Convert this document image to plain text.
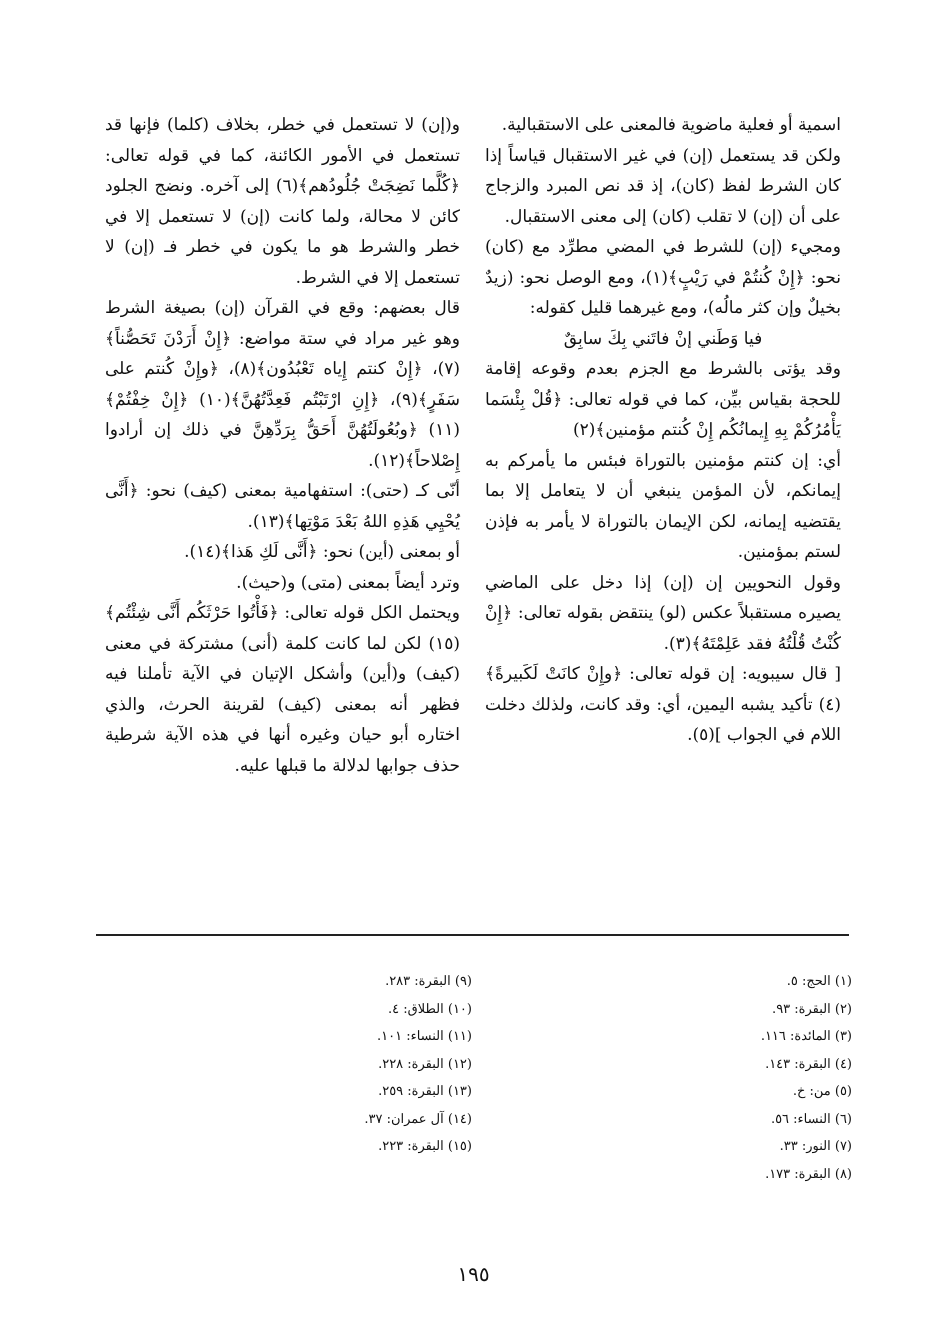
اسمية أو فعلية ماضوية فالمعنى على الاستقبالية.

ولكن قد يستعمل (إن) في غير الاستقبال قياساً إذا كان الشرط لفظ (كان)، إذ قد نص المبرد والزجاج على أن (إن) لا تقلب (كان) إلى معنى الاستقبال.

ومجيء (إن) للشرط في المضي مطرِّد مع (كان) نحو: ﴿إِنْ كُنتُمْ في رَيْبٍ﴾(١)، ومع الوصل نحو: (زيدٌ بخيلٌ وإن كثر مالُه)، ومع غيرهما قليل كقوله:

فيا وَطَني إنْ فاتَني بِكَ سابِقٌ

وقد يؤتى بالشرط مع الجزم بعدم وقوعه إقامة للحجة بقياس بيِّن، كما في قوله تعالى: ﴿قُلْ بِئْسَما يَأْمُرُكُمْ بِهِ إِيمانُكُم إِنْ كُنتم مؤمنين﴾(٢)

أي: إن كنتم مؤمنين بالتوراة فبئس ما يأمركم به إيمانكم، لأن المؤمن ينبغي أن لا يتعامل إلا بما يقتضيه إيمانه، لكن الإيمان بالتوراة لا يأمر به فإذن لستم بمؤمنين.

وقول النحويين إن (إن) إذا دخل على الماضي يصيره مستقبلاً عكس (لو) ينتقض بقوله تعالى: ﴿إِنْ كُنْتُ قُلْتُهُ فقد عَلِمْتَهُ﴾(٣).

[ قال سيبويه: إن قوله تعالى: ﴿وإِنْ كانَتْ لَكَبيرةً﴾(٤) تأكيد يشبه اليمين، أي: وقد كانت، ولذلك دخلت اللام في الجواب ](٥).

و(إن) لا تستعمل في خطر، بخلاف (كلما) فإنها قد تستعمل في الأمور الكائنة، كما في قوله تعالى: ﴿كُلَّما نَضِجَتْ جُلُودُهم﴾(٦) إلى آخره. ونضج الجلود كائن لا محالة، ولما كانت (إن) لا تستعمل إلا في خطر والشرط هو ما يكون في خطر فـ (إن) لا تستعمل إلا في الشرط.

قال بعضهم: وقع في القرآن (إن) بصيغة الشرط وهو غير مراد في ستة مواضع: ﴿إِنْ أَرَدْنَ تَحَصُّناً﴾(٧)، ﴿إِنْ كنتم إِياه تَعْبُدُون﴾(٨)، ﴿وإِنْ كُنتم على سَفَرٍ﴾(٩)، ﴿إِنِ ارْتَبْتُم فَعِدَّتُهُنَّ﴾(١٠) ﴿إِنْ خِفْتُمْ﴾(١١) ﴿وبُعُولَتُهُنَّ أَحَقُّ بِرَدِّهِنَّ في ذلك إن أرادوا إِصْلاحاً﴾(١٢).

أنّى كـ (حتى): استفهامية بمعنى (كيف) نحو: ﴿أَنَّى يُحْيِي هَذِهِ اللهُ بَعْدَ مَوْتِها﴾(١٣).

أو بمعنى (أين) نحو: ﴿أَنَّى لَكِ هَذا﴾(١٤).

وترد أيضاً بمعنى (متى) و(حيث).

ويحتمل الكل قوله تعالى: ﴿فَأْتُوا حَرْثَكُم أَنَّى شِئْتُم﴾(١٥) لكن لما كانت كلمة (أنى) مشتركة في معنى (كيف) و(أين) وأشكل الإتيان في الآية تأملنا فيه فظهر أنه بمعنى (كيف) لقرينة الحرث، والذي اختاره أبو حيان وغيره أنها في هذه الآية شرطية حذف جوابها لدلالة ما قبلها عليه.

(١) الحج: ٥.
(٢) البقرة: ٩٣.
(٣) المائدة: ١١٦.
(٤) البقرة: ١٤٣.
(٥) من: خ.
(٦) النساء: ٥٦.
(٧) النور: ٣٣.
(٨) البقرة: ١٧٣.
(٩) البقرة: ٢٨٣.
(١٠) الطلاق: ٤.
(١١) النساء: ١٠١.
(١٢) البقرة: ٢٢٨.
(١٣) البقرة: ٢٥٩.
(١٤) آل عمران: ٣٧.
(١٥) البقرة: ٢٢٣.
١٩٥
